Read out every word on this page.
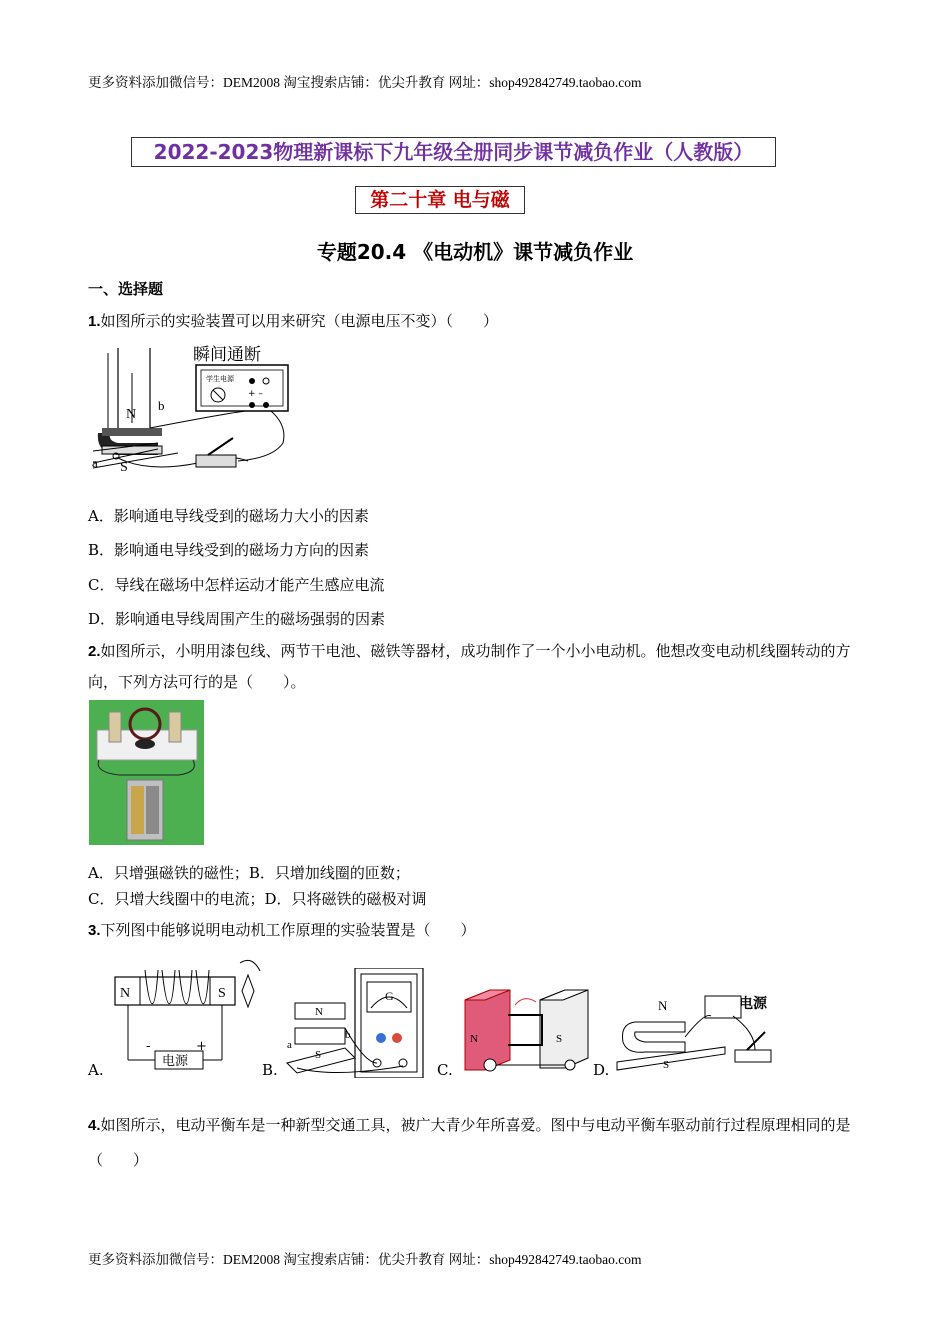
更多资料添加微信号：DEM2008 淘宝搜索店铺：优尖升教育 网址：shop492842749.taobao.com
2022-2023物理新课标下九年级全册同步课节减负作业（人教版）
第二十章 电与磁
专题20.4 《电动机》课节减负作业
一、选择题
1.如图所示的实验装置可以用来研究（电源电压不变）（　　）
学生电源
+ –
瞬间通断
N
S
a
b
A．影响通电导线受到的磁场力大小的因素
B．影响通电导线受到的磁场力方向的因素
C．导线在磁场中怎样运动才能产生感应电流
D．影响通电导线周围产生的磁场强弱的因素
2.如图所示，小明用漆包线、两节干电池、磁铁等器材，成功制作了一个小小电动机。他想改变电动机线圈转动的方向，下列方法可行的是（　　）。
A．只增强磁铁的磁性；B．只增加线圈的匝数；
C．只增大线圈中的电流；D．只将磁铁的磁极对调
3.下列图中能够说明电动机工作原理的实验装置是（　　）
N	S
-	+
电源
A.
G
N
S
a
b
B.
N	S
C.
N
S
电源
D.
4.如图所示，电动平衡车是一种新型交通工具，被广大青少年所喜爱。图中与电动平衡车驱动前行过程原理相同的是（　　）
更多资料添加微信号：DEM2008 淘宝搜索店铺：优尖升教育 网址：shop492842749.taobao.com
